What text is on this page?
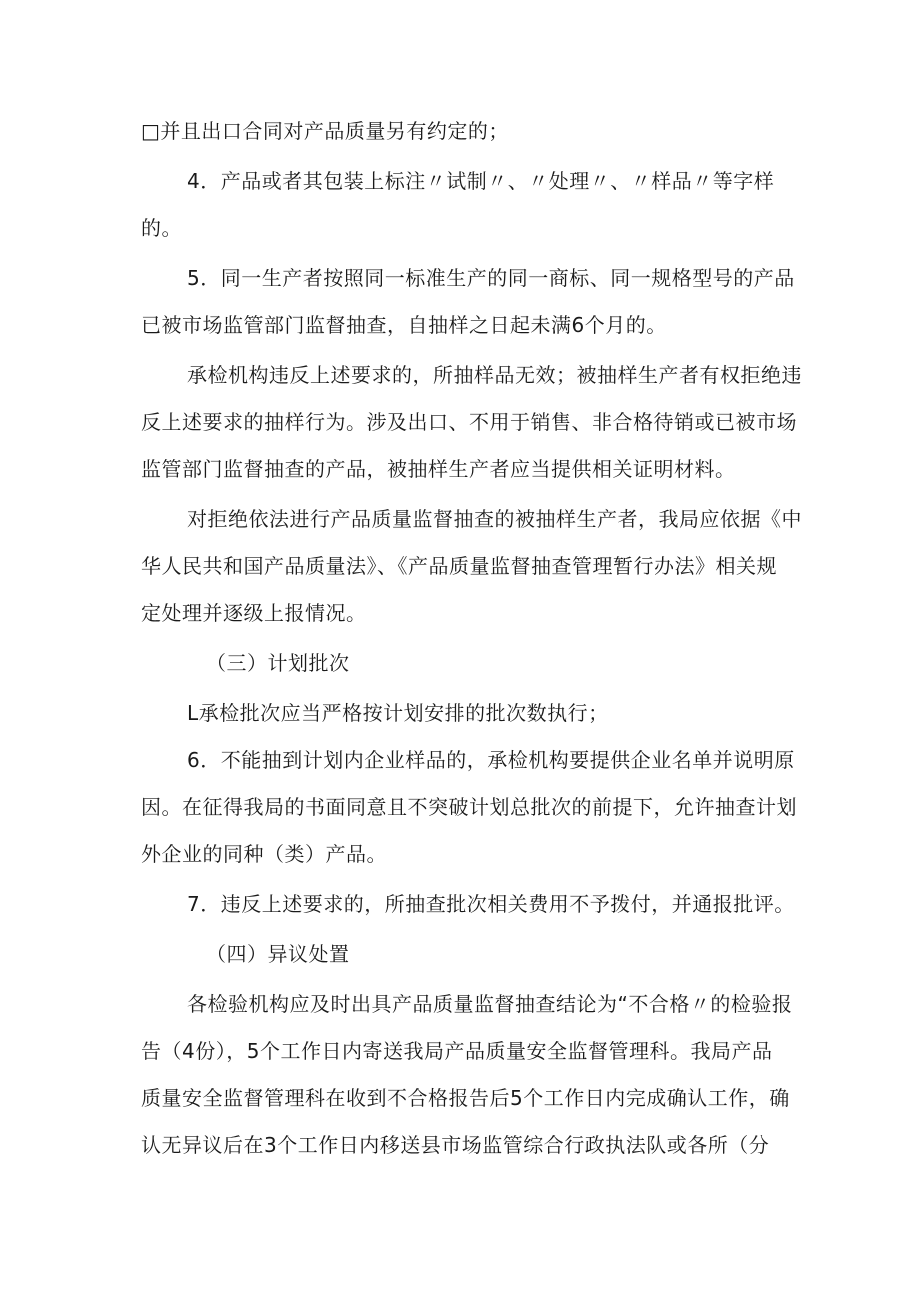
□并且出口合同对产品质量另有约定的；
4．产品或者其包装上标注〃试制〃、〃处理〃、〃样品〃等字样
的。
5．同一生产者按照同一标准生产的同一商标、同一规格型号的产品
已被市场监管部门监督抽查，自抽样之日起未满6个月的。
承检机构违反上述要求的，所抽样品无效；被抽样生产者有权拒绝违
反上述要求的抽样行为。涉及出口、不用于销售、非合格待销或已被市场
监管部门监督抽查的产品，被抽样生产者应当提供相关证明材料。
对拒绝依法进行产品质量监督抽查的被抽样生产者，我局应依据《中
华人民共和国产品质量法》、《产品质量监督抽查管理暂行办法》相关规
定处理并逐级上报情况。
（三）计划批次
L承检批次应当严格按计划安排的批次数执行；
6．不能抽到计划内企业样品的，承检机构要提供企业名单并说明原
因。在征得我局的书面同意且不突破计划总批次的前提下，允许抽查计划
外企业的同种（类）产品。
7．违反上述要求的，所抽查批次相关费用不予拨付，并通报批评。
（四）异议处置
各检验机构应及时出具产品质量监督抽查结论为“不合格〃的检验报
告（4份），5个工作日内寄送我局产品质量安全监督管理科。我局产品
质量安全监督管理科在收到不合格报告后5个工作日内完成确认工作，确
认无异议后在3个工作日内移送县市场监管综合行政执法队或各所（分
